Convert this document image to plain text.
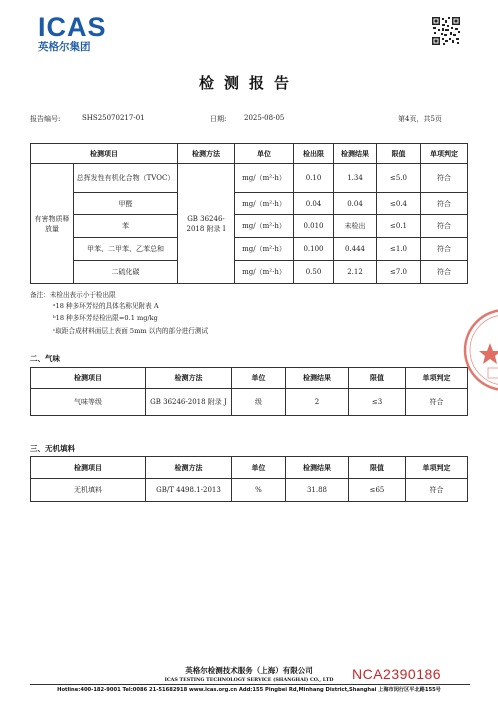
ICAS
英格尔集团
检测报告
报告编号:	SHS25070217-01	日期:	2025-08-05	第4页，共5页
检测项目		检测方法	单位	检出限	检测结果	限值	单项判定
有害物质释放量	总挥发性有机化合物（TVOC）	GB 36246-2018 附录 I	mg/（m²·h）	0.10	1.34	≤5.0	符合
	甲醛		mg/（m²·h）	0.04	0.04	≤0.4	符合
	苯		mg/（m²·h）	0.010	未检出	≤0.1	符合
	甲苯、二甲苯、乙苯总和		mg/（m²·h）	0.100	0.444	≤1.0	符合
	二硫化碳		mg/（m²·h）	0.50	2.12	≤7.0	符合
备注：未检出表示小于检出限
ᵃ18 种多环芳烃的具体名称见附表 A
ᵇ18 种多环芳烃检出限=0.1 mg/kg
ᶜ取距合成材料面层上表面 5mm 以内的部分进行测试
二、气味
检测项目	检测方法	单位	检测结果	限值	单项判定
气味等级	GB 36246-2018 附录 J	级	2	≤3	符合
三、无机填料
检测项目	检测方法	单位	检测结果	限值	单项判定
无机填料	GB/T 4498.1-2013	%	31.88	≤65	符合
英格尔检测技术服务（上海）有限公司	NCA2390186
ICAS TESTING TECHNOLOGY SERVICE (SHANGHAI) CO., LTD
Hotline:400-182-9001 Tel:0086 21-51682918 www.icas.org.cn Add:155 Pingbei Rd,Minhang District,Shanghai 上海市闵行区平北路155号
